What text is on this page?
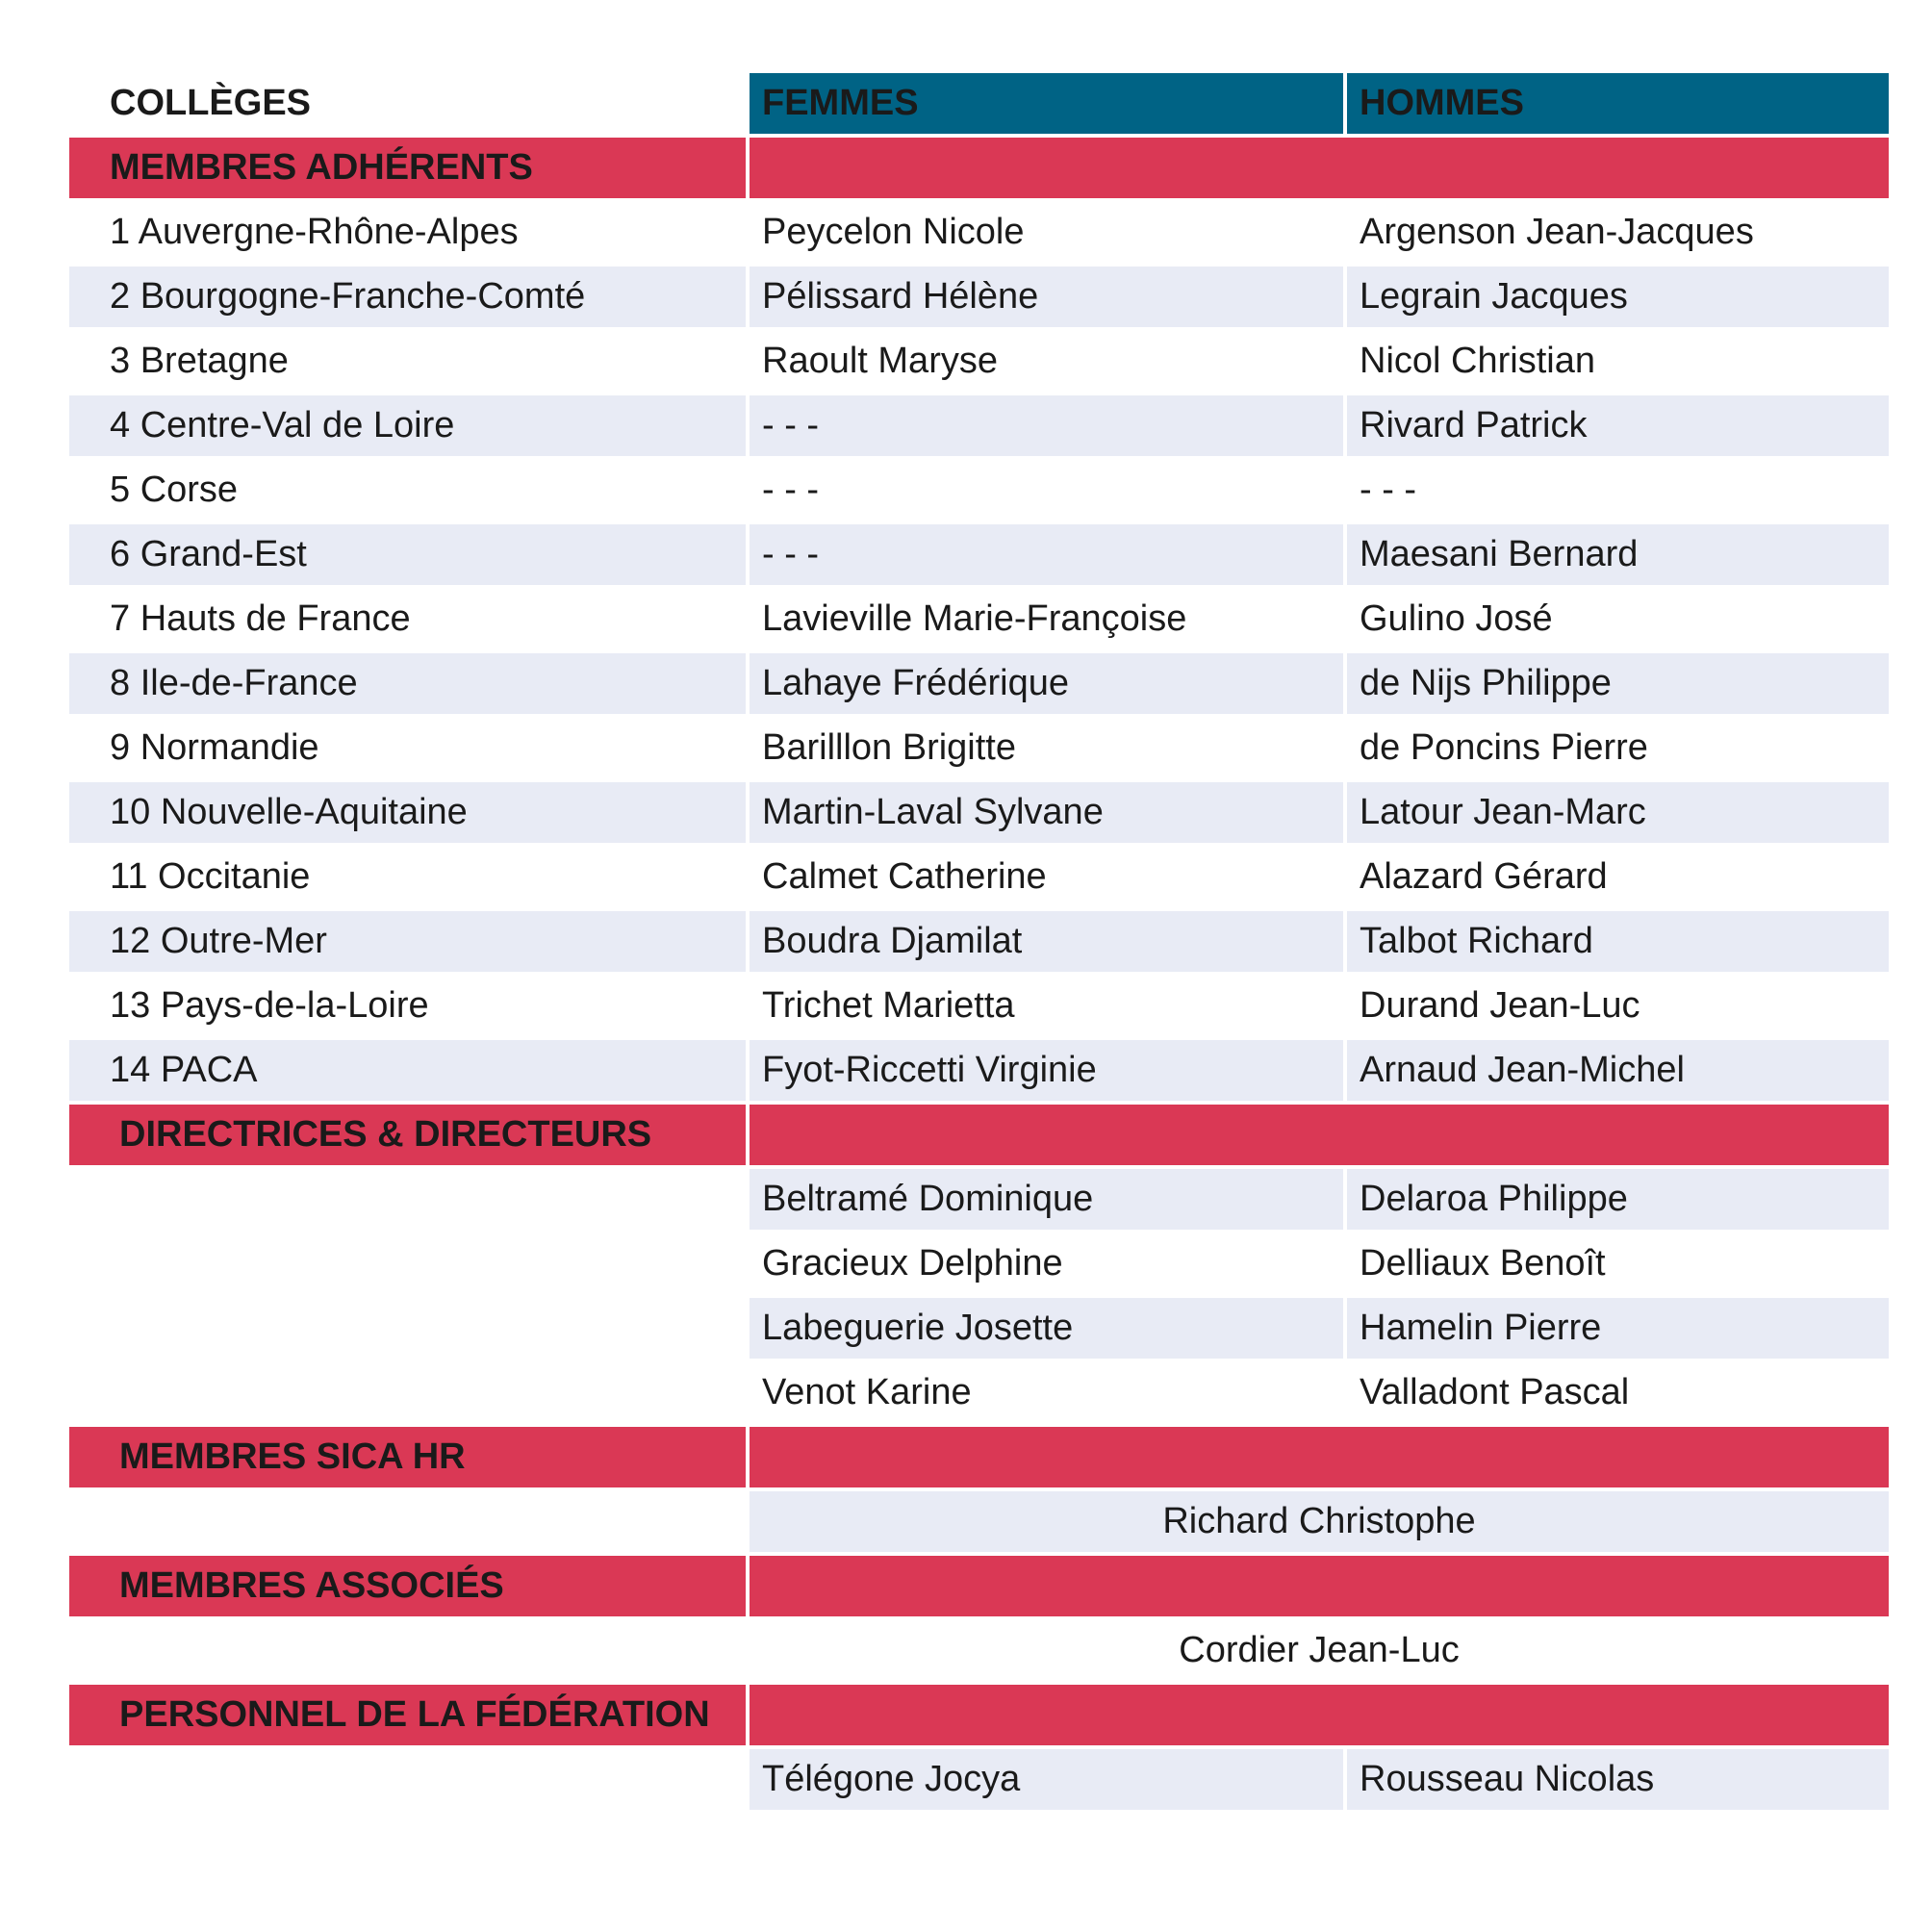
COLLÈGES	FEMMES	HOMMES
MEMBRES ADHÉRENTS		
1 Auvergne-Rhône-Alpes	Peycelon Nicole	Argenson Jean-Jacques
2 Bourgogne-Franche-Comté	Pélissard Hélène	Legrain Jacques
3 Bretagne	Raoult Maryse	Nicol Christian
4 Centre-Val de Loire	- - -	Rivard Patrick
5 Corse	- - -	- - -
6 Grand-Est	- - -	Maesani Bernard
7 Hauts de France	Lavieville Marie-Françoise	Gulino José
8 Ile-de-France	Lahaye Frédérique	de Nijs Philippe
9 Normandie	Barilllon Brigitte	de Poncins Pierre
10 Nouvelle-Aquitaine	Martin-Laval Sylvane	Latour Jean-Marc
11 Occitanie	Calmet Catherine	Alazard Gérard
12 Outre-Mer	Boudra Djamilat	Talbot Richard
13 Pays-de-la-Loire	Trichet Marietta	Durand Jean-Luc
14 PACA	Fyot-Riccetti Virginie	Arnaud Jean-Michel
DIRECTRICES & DIRECTEURS		
	Beltramé Dominique	Delaroa Philippe
	Gracieux Delphine	Delliaux Benoît
	Labeguerie Josette	Hamelin Pierre
	Venot Karine	Valladont Pascal
MEMBRES SICA HR		
	Richard Christophe	
MEMBRES ASSOCIÉS		
	Cordier Jean-Luc	
PERSONNEL DE LA FÉDÉRATION		
	Télégone Jocya	Rousseau Nicolas
